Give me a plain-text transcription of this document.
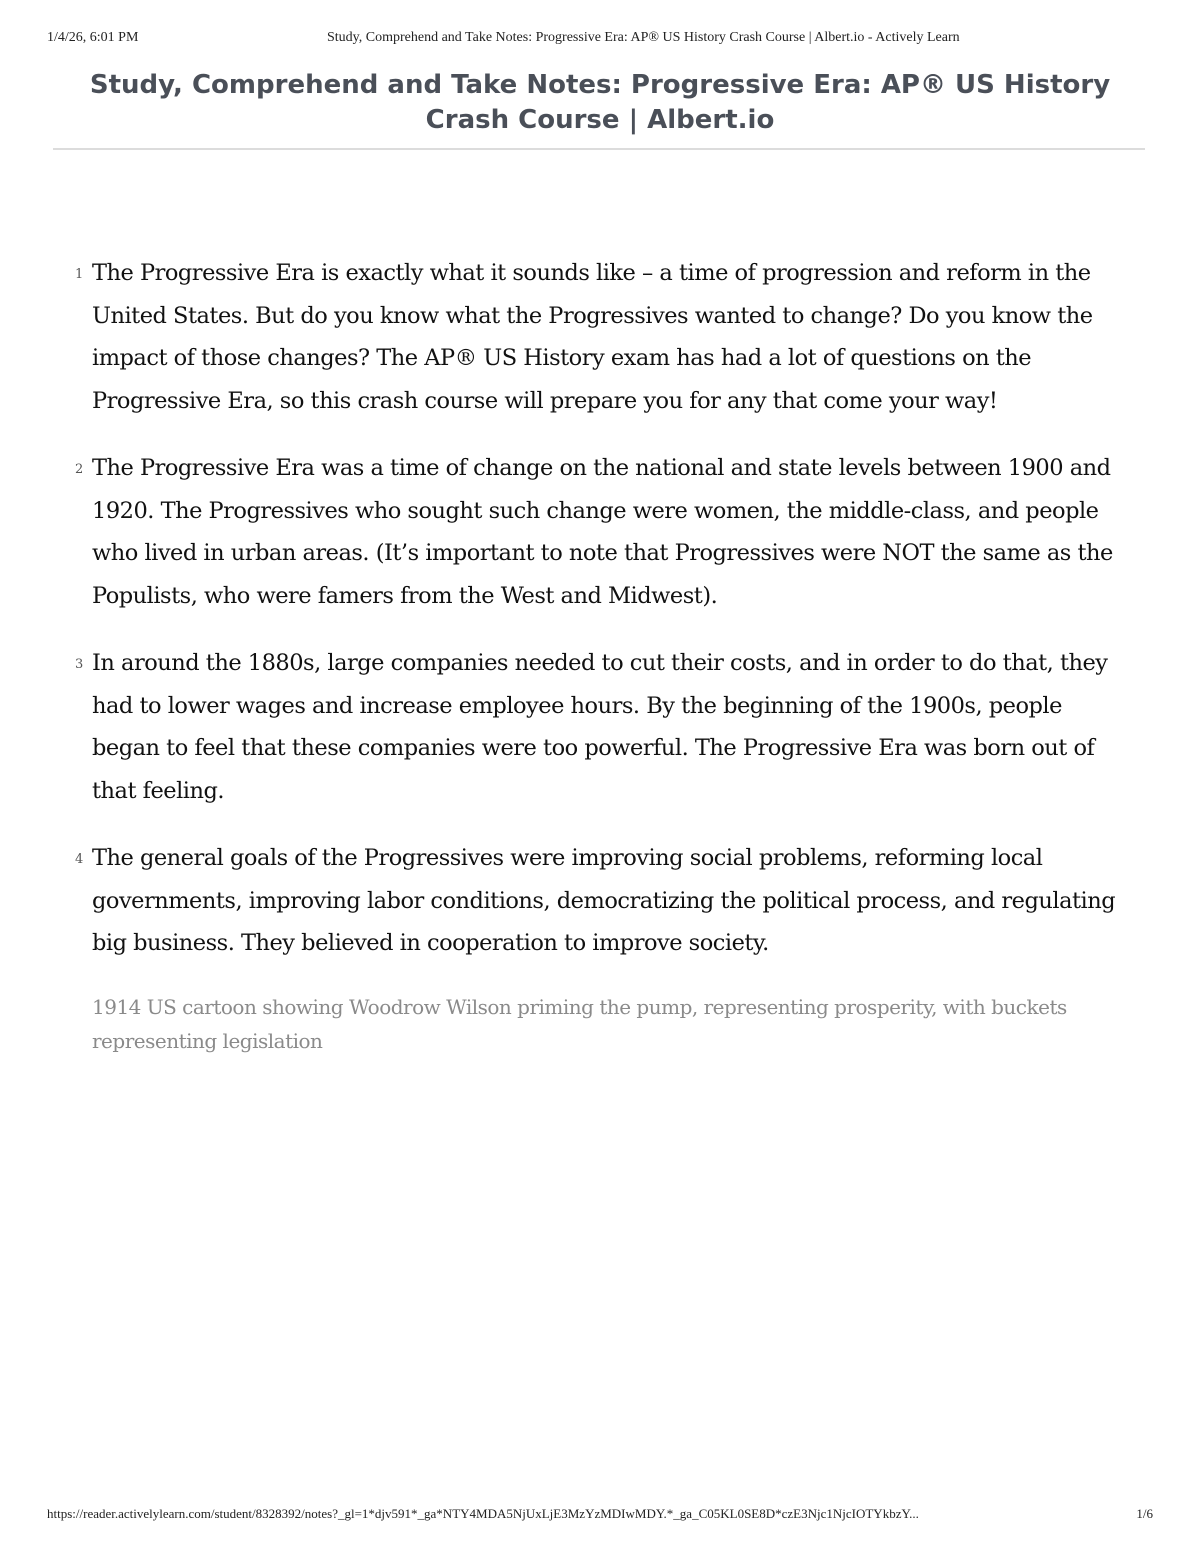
1/4/26, 6:01 PM	Study, Comprehend and Take Notes: Progressive Era: AP® US History Crash Course | Albert.io - Actively Learn
Study, Comprehend and Take Notes: Progressive Era: AP® US History Crash Course | Albert.io

1 The Progressive Era is exactly what it sounds like – a time of progression and reform in the United States. But do you know what the Progressives wanted to change? Do you know the impact of those changes? The AP® US History exam has had a lot of questions on the Progressive Era, so this crash course will prepare you for any that come your way!

2 The Progressive Era was a time of change on the national and state levels between 1900 and 1920. The Progressives who sought such change were women, the middle-class, and people who lived in urban areas. (It’s important to note that Progressives were NOT the same as the Populists, who were famers from the West and Midwest).

3 In around the 1880s, large companies needed to cut their costs, and in order to do that, they had to lower wages and increase employee hours. By the beginning of the 1900s, people began to feel that these companies were too powerful. The Progressive Era was born out of that feeling.

4 The general goals of the Progressives were improving social problems, reforming local governments, improving labor conditions, democratizing the political process, and regulating big business. They believed in cooperation to improve society.

1914 US cartoon showing Woodrow Wilson priming the pump, representing prosperity, with buckets representing legislation
https://reader.activelylearn.com/student/8328392/notes?_gl=1*djv591*_ga*NTY4MDA5NjUxLjE3MzYzMDIwMDY.*_ga_C05KL0SE8D*czE3Njc1NjcIOTYkbzY...	1/6
